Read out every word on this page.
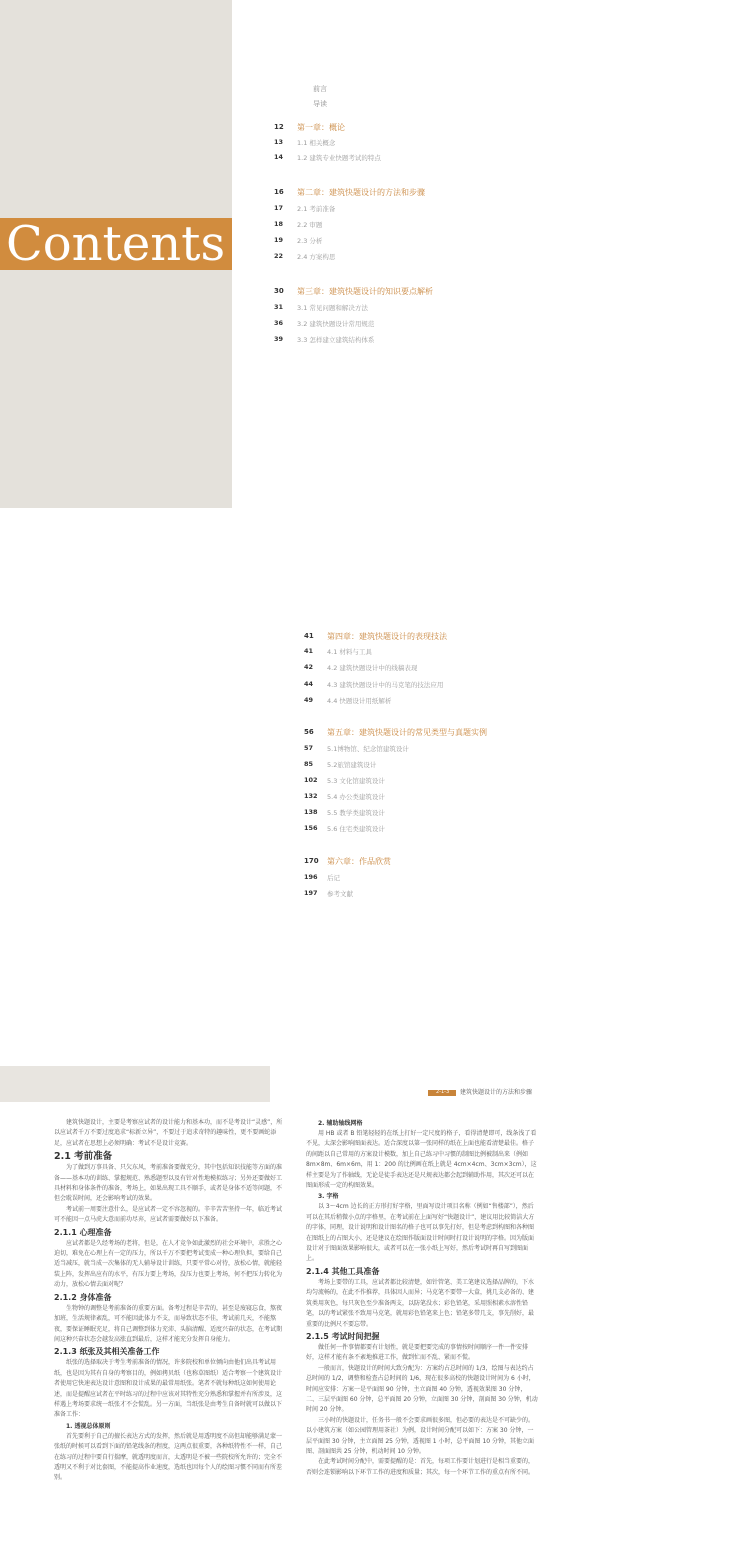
Contents
前言
导读
12	第一章：概论
13	1.1 相关概念
14	1.2 建筑专业快题考试的特点
16	第二章：建筑快题设计的方法和步骤
17	2.1 考前准备
18	2.2 审题
19	2.3 分析
22	2.4 方案构思
30	第三章：建筑快题设计的知识要点解析
31	3.1 常见问题和解决方法
36	3.2 建筑快题设计常用规范
39	3.3 怎样建立建筑结构体系
41	第四章：建筑快题设计的表现技法
41	4.1 材料与工具
42	4.2 建筑快题设计中的线稿表现
44	4.3 建筑快题设计中的马克笔的技法应用
49	4.4 快题设计用纸解析
56	第五章：建筑快题设计的常见类型与真题实例
57	5.1博物馆、纪念馆建筑设计
85	5.2旅馆建筑设计
102	5.3 文化馆建筑设计
132	5.4 办公类建筑设计
138	5.5 教学类建筑设计
156	5.6 住宅类建筑设计
170	第六章：作品欣赏
196	后记
197	参考文献
2-1-3 建筑快题设计的方法和步骤

建筑快题设计，主要是考察应试者的设计能力和基本功，而不是考设计“灵感”，所以应试者千万不要过度追求“标新立异”，不要过于追求奇特的趣味性，更不要画蛇添足，应试者在思想上必须明确：考试不是设计竞赛。

2.1 考前准备

为了做到万事具备、只欠东风，考前准备要做充分，其中包括知识技能等方面的准备——基本功的训练、掌握规范、熟悉题型以及有针对性地模拟练习；另外还要做好工具材料和身体条件的准备，考场上，如果出现工具不顺手，或者是身体不适等问题，不但会耽误时间，还会影响考试的效果。

考试前一周要注意什么，是应试者一定不容忽视的。辛辛苦苦坚持一年，临近考试可不能因一点马虎大意而前功尽弃，应试者需要做好以下准备。

2.1.1 心理准备

应试者都是久经考场的老将，但是，在人才竞争如此激烈的社会环境中，求胜之心迫切，难免在心理上有一定的压力，所以千万不要把考试变成一种心理负担，要给自己适当减压，就当成一次集体的无人辅导设计训练，只要平常心对待，放松心情，就能轻装上阵，发挥出应有的水平，有压力要上考场，没压力也要上考场，何不把压力转化为动力，放松心情去面对呢？

2.1.2 身体准备

生物钟的调整是考前准备的重要方面。备考过程是辛苦的，甚至是废寝忘食，熬夜加班，生活规律紊乱，可不能因此体力不支，而导致状态不佳，考试前几天，不能熬夜，要保证睡眠充足，将自己调整到体力充沛、头脑清醒、适度兴奋的状态，在考试期间这种兴奋状态会越发高涨直到最后，这样才能充分发挥自身能力。

2.1.3 纸张及其相关准备工作

纸张的选择取决于考生考前准备的情况，许多院校和单位倾向由他们出具考试用纸，也是因为其有自身的考察目的，例如拷贝纸（也称草图纸）适合考察一个建筑设计者使用它快速表达设计意图和设计成果的最常用纸张。笔者不就每种纸这如何使用论述，而是提醒应试者在平时练习的过程中应该对其特性充分熟悉和掌握并有所涉及，这样遇上考场要求统一纸张才不会慌乱。另一方面，当纸张是由考生自备时就可以做以下准备工作：

1. 透视总体原则

首先要利于自己的擅长表达方式的发挥，然后就是用透明度不高但却能够满足蒙一张纸的时候可以看到下面的铅笔线条的程度，这两点很重要，各种纸特性不一样，自己在练习的过程中要自行揣摩，就透明度而言，太透明是不被一些院校所允许的；完全不透明又不利于对比套图，不能提高作业速度，选纸也因每个人的绘图习惯不同而有所差别。

2. 辅助轴线网格

用 HB 或者 B 铅笔轻轻的在纸上打好一定尺度的格子，看得清楚即可，线条浅了看不见，太深会影响图面表达。适合深度以第一张同样的纸在上面也能看清楚最佳。格子的间距以自己常用的方案设计模数，加上自己练习中习惯的制图比例被制出来（例如 8m×8m、6m×6m，用 1：200 的比例画在纸上就是 4cm×4cm、3cm×3cm），这样主要是为了作轴线，无论是徒手表达还是尺规表达都会起到辅助作用，其次还可以在图面形成一定的构图效果。

3. 字格

以 3～4cm 边长的正方形打好字格，里面写设计项目名称（例如“售楼部”），然后可以在其后稍微小点的字格里，在考试前在上面写好“快题设计”，建议用比较简洁大方的字体，同理，设计说明和设计图名的格子也可以事先打好，但是考虑到构图和各种图在图纸上的占图大小，还是建议在绘图作版面设计时间时打设计说明的字格。因为版面设计对于图面效果影响很大，或者可以在一张小纸上写好，然后考试时再自写到图面上。

2.1.4 其他工具准备

考场上要带的工具，应试者都比较清楚，如针管笔、美工笔建议选择品牌的，下水均匀流畅的，在此不作推荐，具体因人而异；马克笔不要带一大盒，挑几支必备的、建筑类用灰色，每只灰色至少准备两支，以防笔没水；彩色铅笔，采用照相素水溶性铅笔，以的考试紧张不致用马克笔，就用彩色铅笔来上色；铅笔多带几支，事先削好，最重要的比例尺不要忘带。

2.1.5 考试时间把握

做任何一件事情都要有计划性，就是要把要完成的事情按时间顺序一件一件安排好，这样才能有条不紊地推进工作，做到忙而不乱、紧而不慌。

一般而言，快题设计的时间大致分配为：方案约占总时间的 1/3，绘图与表达约占总时间的 1/2，调整和检查占总时间的 1/6，现在很多高校的快题设计时间为 6 小时，时间应安排：方案一是平面图 90 分钟，主立面图 40 分钟，透视效果图 30 分钟，二、三层平面图 60 分钟，总平面图 20 分钟，立面图 30 分钟，剖面图 30 分钟，机动时间 20 分钟。

三小时的快题设计，任务书一般不会要求画很多图，但必要的表达是不可缺少的。以小建筑方案（如公园管理用茶社）为例，设计时间分配可以如下：方案 30 分钟，一层平面图 30 分钟，主立面图 25 分钟，透视图 1 小时，总平面图 10 分钟，其他立面图、剖面图共 25 分钟，机动时间 10 分钟。

在此考试时间分配中，需要提醒的是：首先，每项工作要计划进行是相当重要的，否则会连锁影响以下环节工作的进度和质量；其次，每一个环节工作的重点有所不同。
